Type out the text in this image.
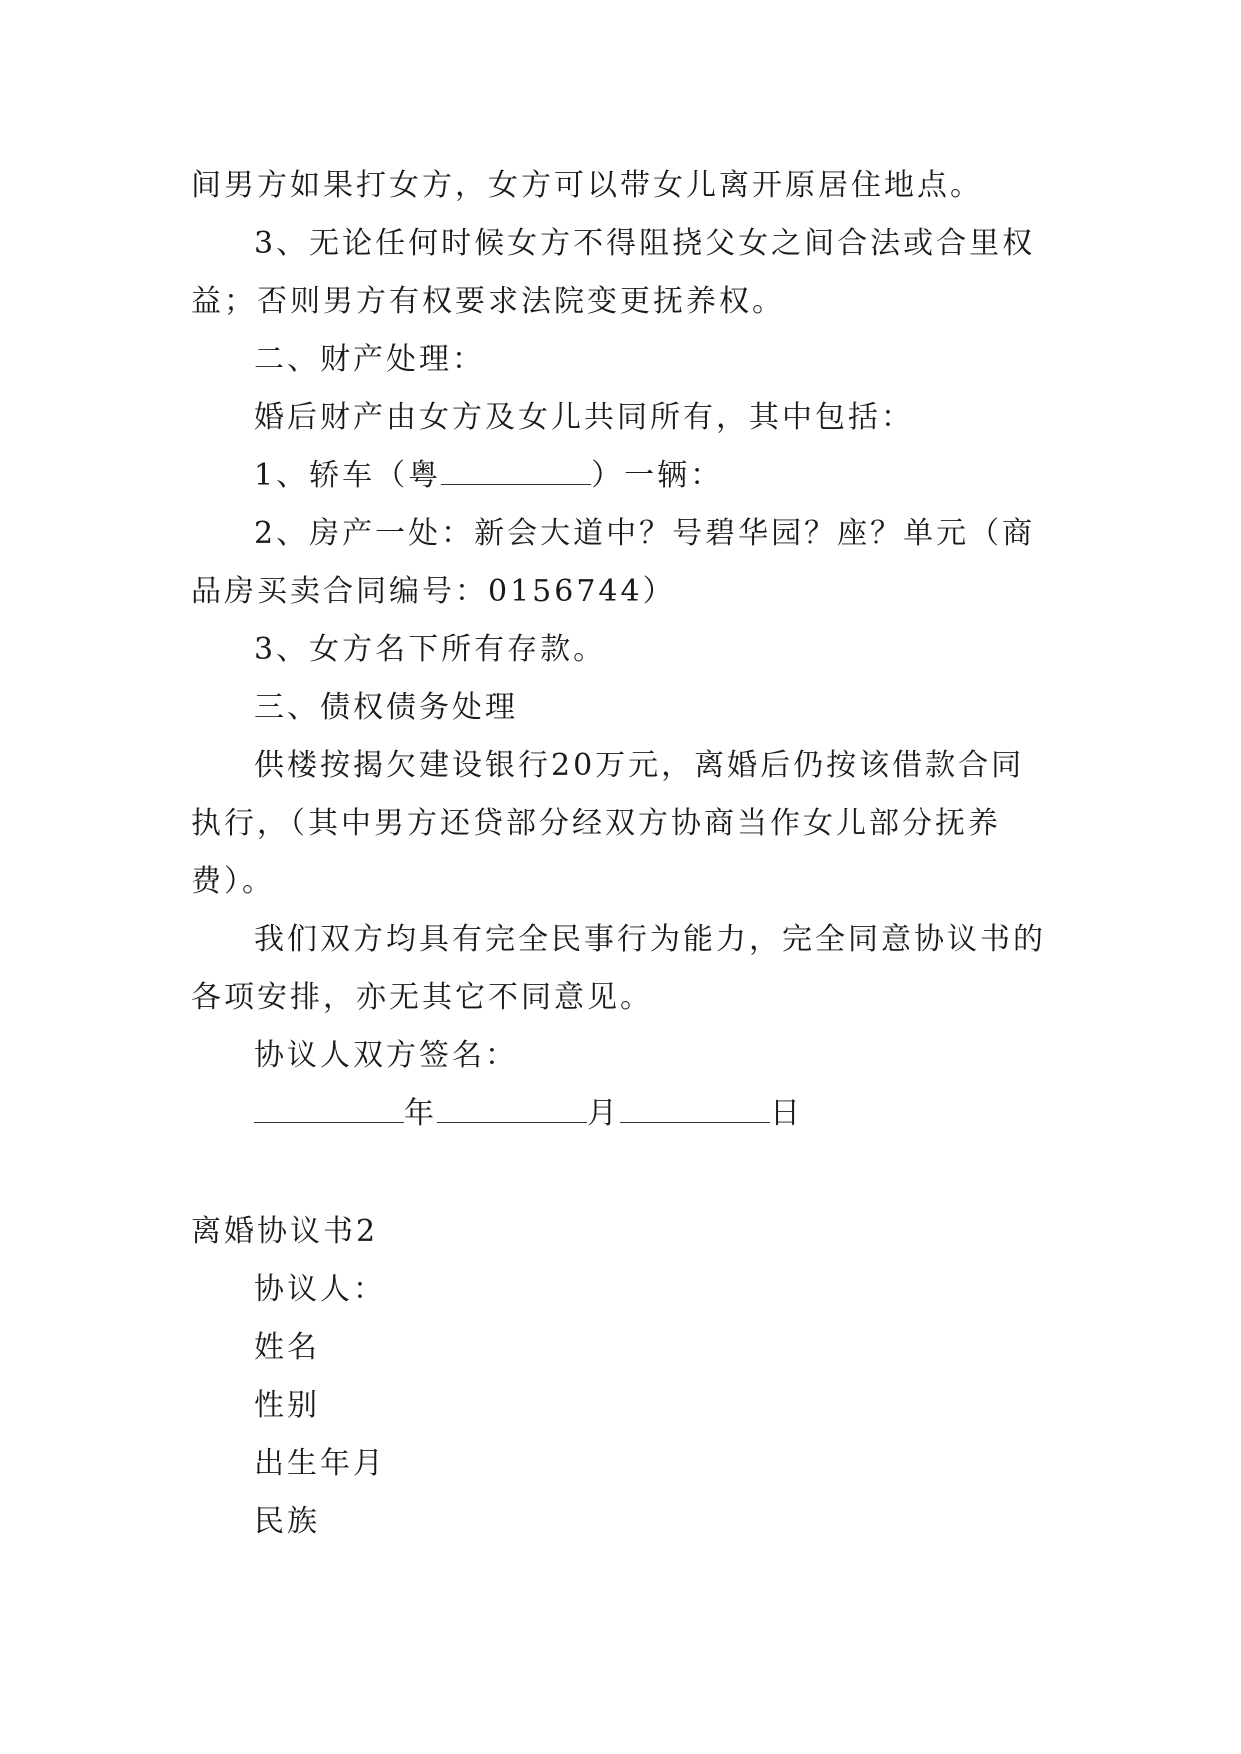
间男方如果打女方，女方可以带女儿离开原居住地点。
3、无论任何时候女方不得阻挠父女之间合法或合里权
益；否则男方有权要求法院变更抚养权。
二、财产处理：
婚后财产由女方及女儿共同所有，其中包括：
1、轿车（粤	）一辆：
2、房产一处：新会大道中？号碧华园？座？单元（商
品房买卖合同编号：0156744）
3、女方名下所有存款。
三、债权债务处理
供楼按揭欠建设银行20万元，离婚后仍按该借款合同
执行，（其中男方还贷部分经双方协商当作女儿部分抚养
费）。
我们双方均具有完全民事行为能力，完全同意协议书的
各项安排，亦无其它不同意见。
协议人双方签名：
年	月	日
离婚协议书2
协议人：
姓名
性别
出生年月
民族
